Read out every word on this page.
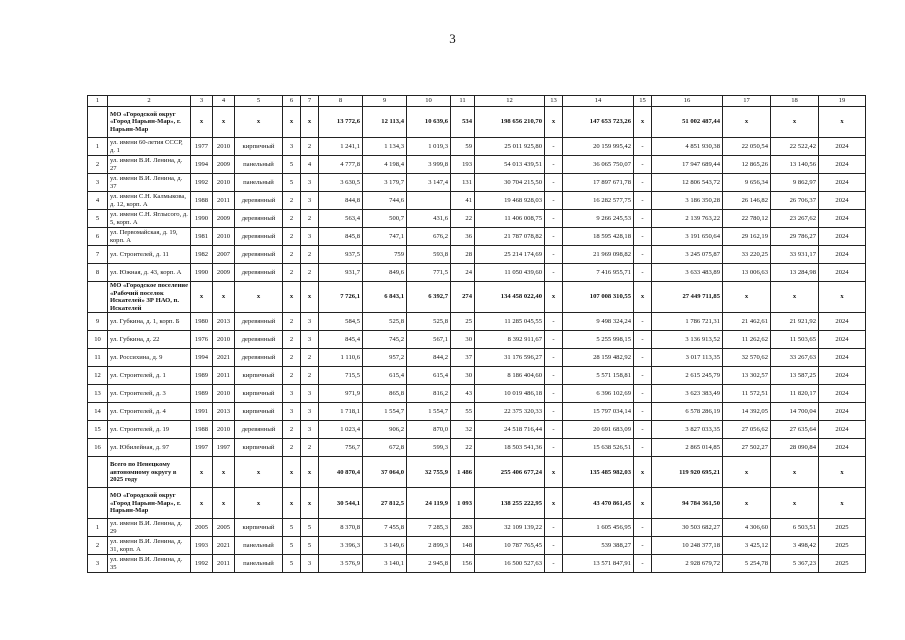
3
1	2	3	4	5	6	7	8	9	10	11	12	13	14	15	16	17	18	19
	МО «Городской округ «Город Нарьян-Мар», г. Нарьян-Мар	х	х	х	х	х	13 772,6	12 113,4	10 639,6	534	198 656 210,70	х	147 653 723,26	х	51 002 487,44	х	х	х
1	ул. имени 60-летия СССР, д. 1	1977	2010	кирпичный	3	2	1 241,1	1 134,3	1 019,3	59	25 011 925,80	-	20 159 995,42	-	4 851 930,38	22 050,54	22 522,42	2024
2	ул. имени В.И. Ленина, д. 27	1994	2009	панельный	5	4	4 777,8	4 198,4	3 999,8	193	54 013 439,51	-	36 065 750,07	-	17 947 689,44	12 865,26	13 140,56	2024
3	ул. имени В.И. Ленина, д. 37	1992	2010	панельный	5	3	3 630,5	3 179,7	3 147,4	131	30 704 215,50	-	17 897 671,78	-	12 806 543,72	9 656,34	9 862,97	2024
4	ул. имени С.Н. Калмыкова, д. 12, корп. А	1988	2011	деревянный	2	3	844,8	744,6		41	19 468 928,03	-	16 282 577,75	-	3 186 350,28	26 146,82	26 706,37	2024
5	ул. имени С.Н. Яглысого, д. 5, корп. А	1990	2009	деревянный	2	2	563,4	500,7	431,6	22	11 406 008,75	-	9 266 245,53	-	2 139 763,22	22 780,12	23 267,62	2024
6	ул. Первомайская, д. 19, корп. А	1981	2010	деревянный	2	3	845,8	747,1	676,2	36	21 787 078,82	-	18 595 428,18	-	3 191 650,64	29 162,19	29 786,27	2024
7	ул. Строителей, д. 11	1982	2007	деревянный	2	2	937,5	759	593,8	28	25 214 174,69	-	21 969 098,82	-	3 245 075,87	33 220,25	33 931,17	2024
8	ул. Южная, д. 43, корп. А	1990	2009	деревянный	2	2	931,7	849,6	771,5	24	11 050 439,60	-	7 416 955,71	-	3 633 483,89	13 006,63	13 284,98	2024
	МО «Городское поселение «Рабочий поселок Искателей» ЗР НАО, п. Искателей	х	х	х	х	х	7 726,1	6 843,1	6 392,7	274	134 458 022,40	х	107 008 310,55	х	27 449 711,85	х	х	х
9	ул. Губкина, д. 1, корп. Б	1980	2013	деревянный	2	3	584,5	525,8	525,8	25	11 285 045,55	-	9 498 324,24	-	1 786 721,31	21 462,61	21 921,92	2024
10	ул. Губкина, д. 22	1976	2010	деревянный	2	3	845,4	745,2	567,1	30	8 392 911,67	-	5 255 998,15	-	3 136 913,52	11 262,62	11 503,65	2024
11	ул. Россихина, д. 9	1994	2021	деревянный	2	2	1 110,6	957,2	844,2	37	31 176 596,27	-	28 159 482,92	-	3 017 113,35	32 570,62	33 267,63	2024
12	ул. Строителей, д. 1	1989	2011	кирпичный	2	2	715,5	615,4	615,4	30	8 186 404,60	-	5 571 158,81	-	2 615 245,79	13 302,57	13 587,25	2024
13	ул. Строителей, д. 3	1989	2010	кирпичный	3	3	971,9	865,8	816,2	43	10 019 486,18	-	6 396 102,69	-	3 623 383,49	11 572,51	11 820,17	2024
14	ул. Строителей, д. 4	1991	2013	кирпичный	3	3	1 718,1	1 554,7	1 554,7	55	22 375 320,33	-	15 797 034,14	-	6 578 286,19	14 392,05	14 700,04	2024
15	ул. Строителей, д. 19	1988	2010	деревянный	2	3	1 023,4	906,2	870,0	32	24 518 716,44	-	20 691 683,09	-	3 827 033,35	27 056,62	27 635,64	2024
16	ул. Юбилейная, д. 97	1997	1997	кирпичный	2	2	756,7	672,8	599,3	22	18 503 541,36	-	15 638 526,51	-	2 865 014,85	27 502,27	28 090,84	2024
	Всего по Ненецкому автономному округу в 2025 году	х	х	х	х	х	40 870,4	37 064,0	32 755,9	1 486	255 406 677,24	х	135 485 982,03	х	119 920 695,21	х	х	х
	МО «Городской округ «Город Нарьян-Мар», г. Нарьян-Мар	х	х	х	х	х	30 544,1	27 812,5	24 119,9	1 093	138 255 222,95	х	43 470 861,45	х	94 784 361,50	х	х	х
1	ул. имени В.И. Ленина, д. 29	2005	2005	кирпичный	5	5	8 370,8	7 455,8	7 285,3	283	32 109 139,22	-	1 605 456,95	-	30 503 682,27	4 306,60	6 503,51	2025
2	ул. имени В.И. Ленина, д. 31, корп. А	1993	2021	панельный	5	5	3 396,3	3 149,6	2 899,3	148	10 787 765,45	-	539 388,27	-	10 248 377,18	3 425,12	3 498,42	2025
3	ул. имени В.И. Ленина, д. 35	1992	2011	панельный	5	3	3 576,9	3 140,1	2 945,8	156	16 500 527,63	-	13 571 847,91	-	2 928 679,72	5 254,78	5 367,23	2025
